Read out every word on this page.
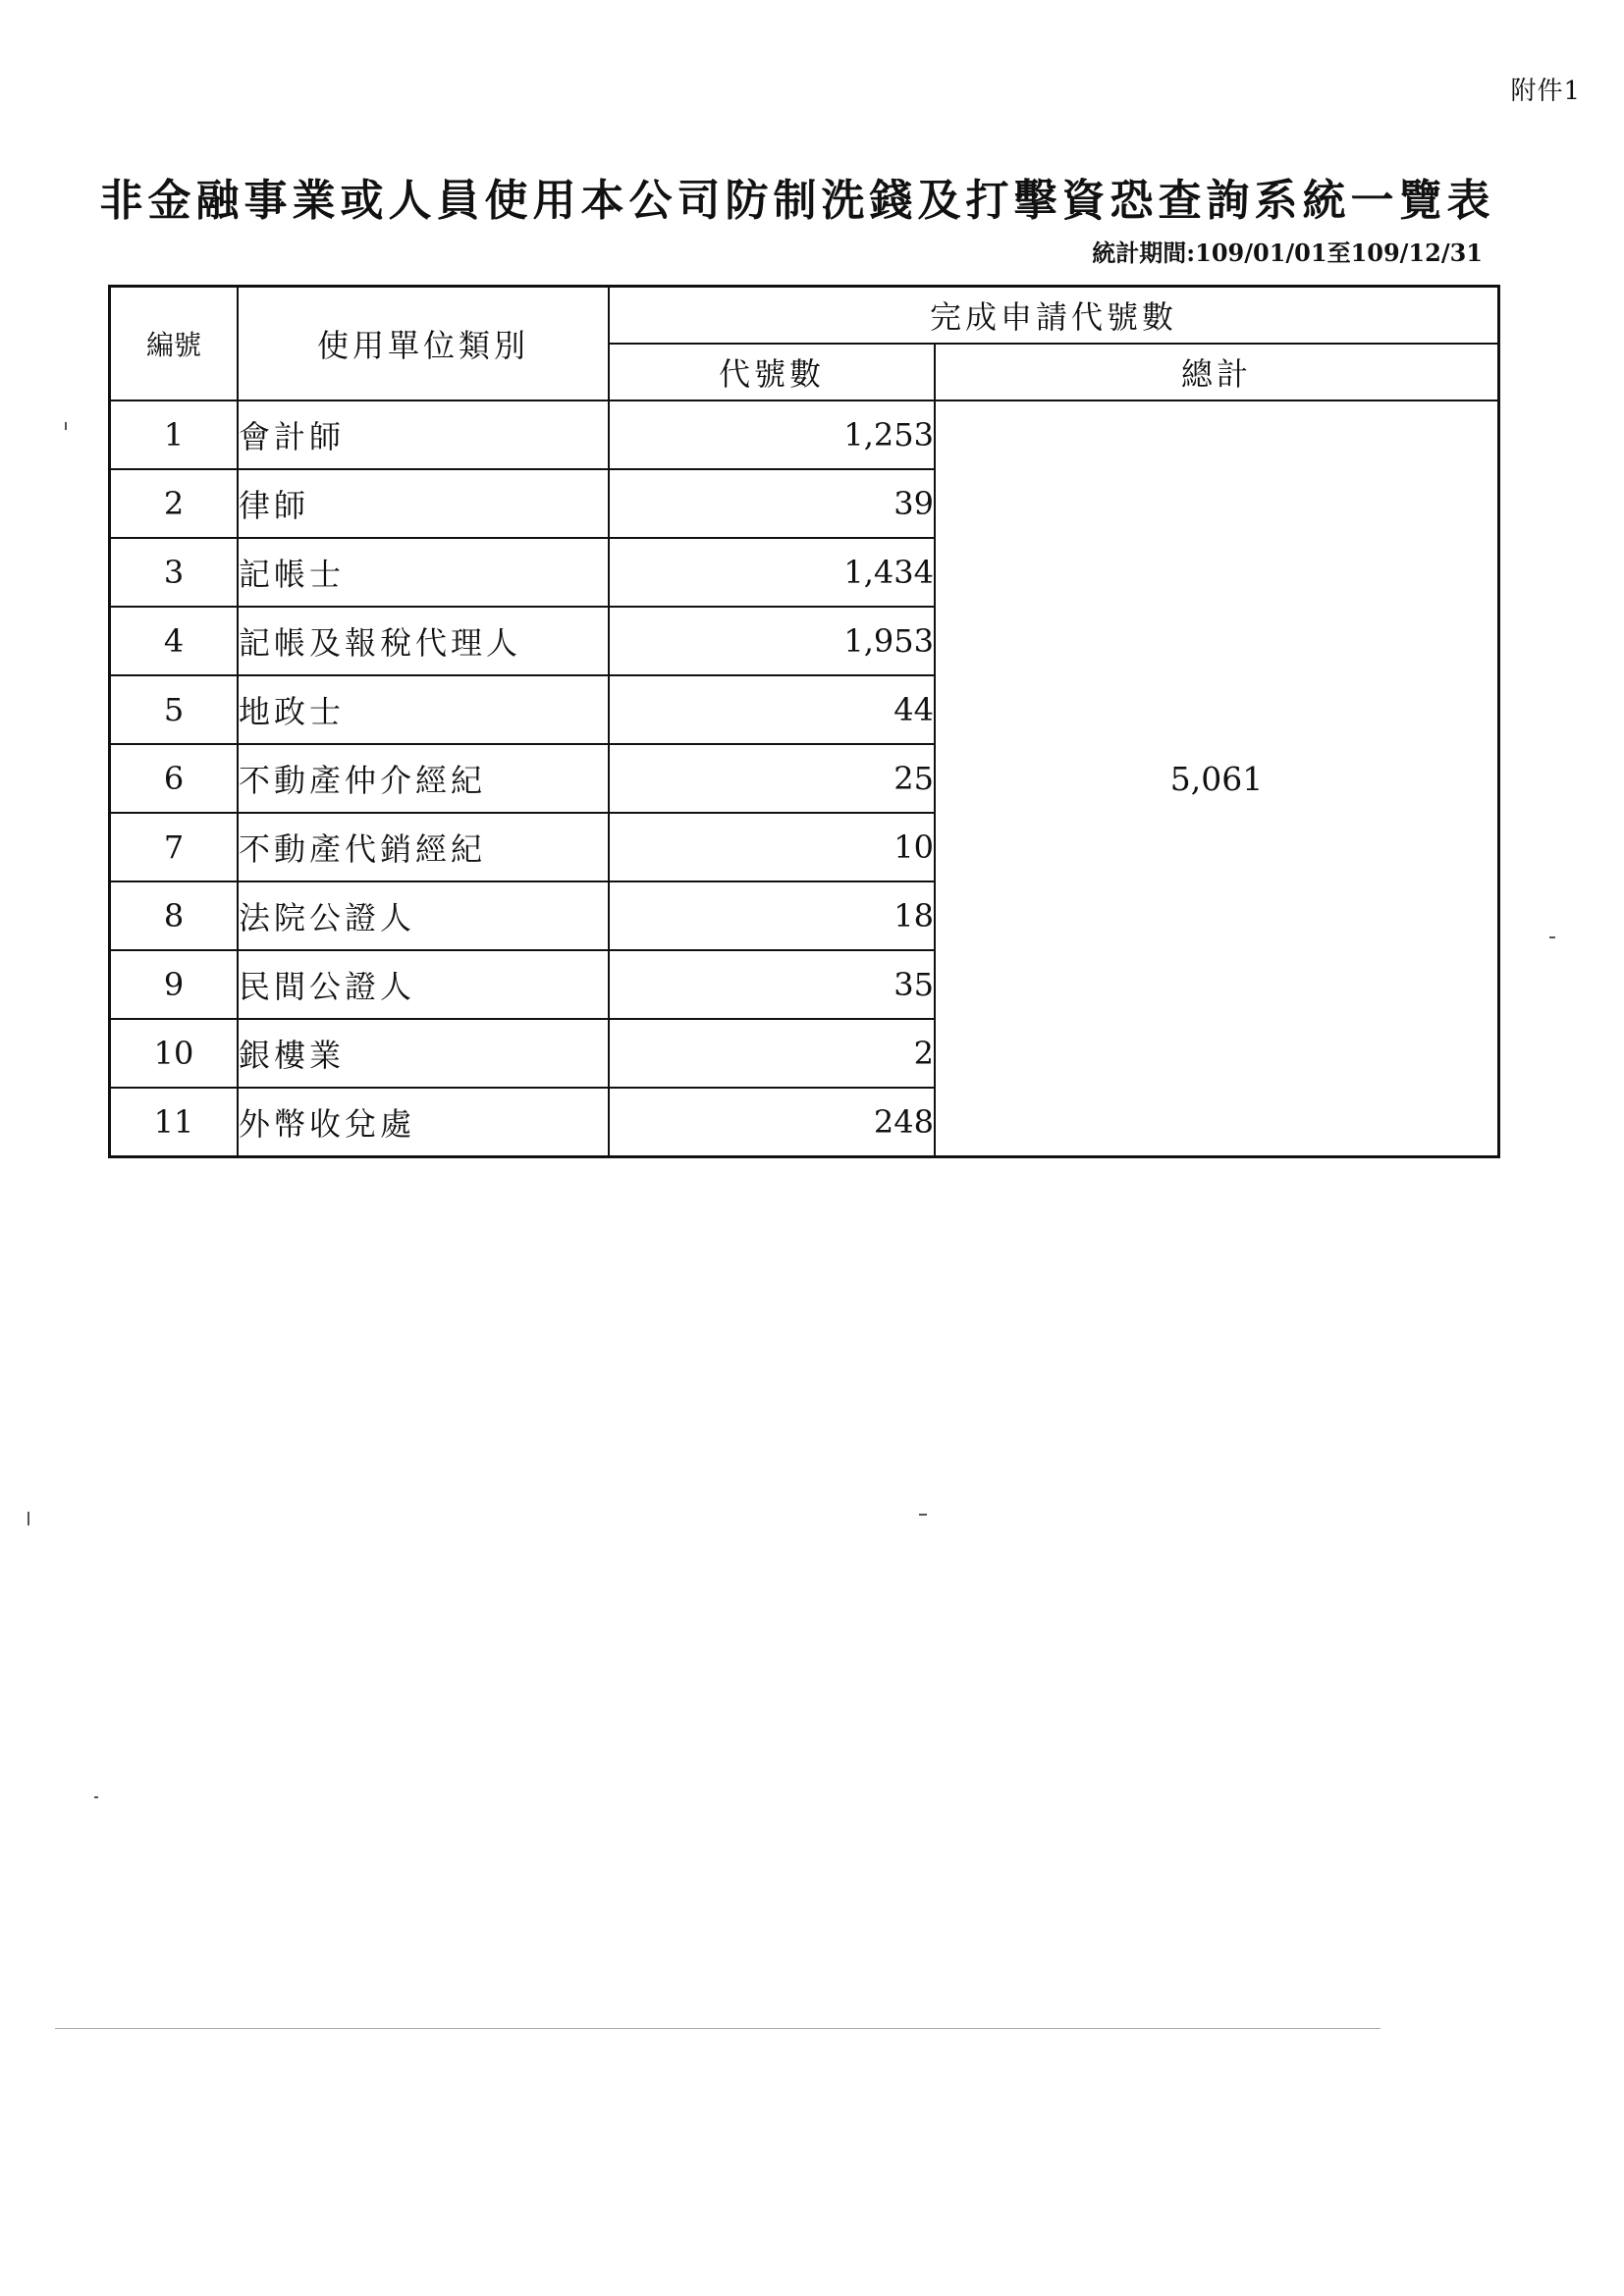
附件1
非金融事業或人員使用本公司防制洗錢及打擊資恐查詢系統一覽表
統計期間:109/01/01至109/12/31
編號	使用單位類別	完成申請代號數	
		代號數	總計
1	會計師	1,253	5,061
2	律師	39	
3	記帳士	1,434	
4	記帳及報稅代理人	1,953	
5	地政士	44	
6	不動產仲介經紀	25	
7	不動產代銷經紀	10	
8	法院公證人	18	
9	民間公證人	35	
10	銀樓業	2	
11	外幣收兌處	248	
